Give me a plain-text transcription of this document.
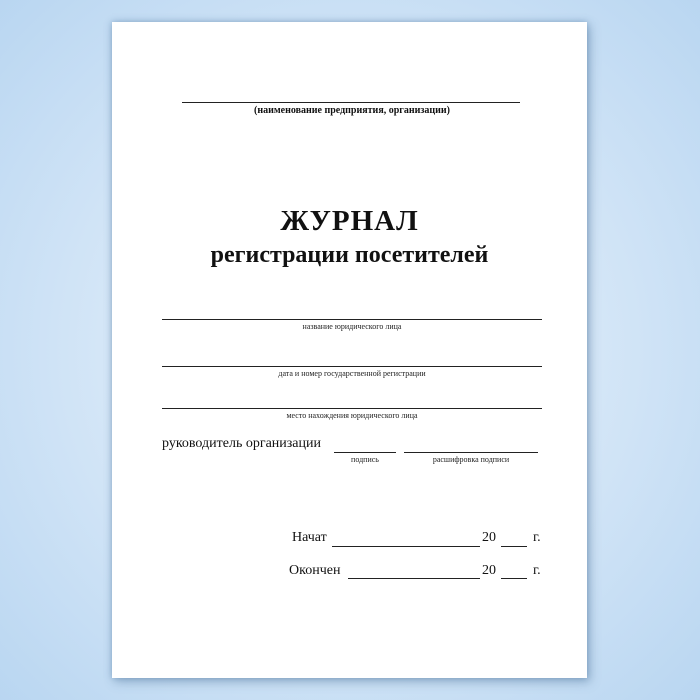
(наименование предприятия, организации)
ЖУРНАЛ
регистрации посетителей
название юридического лица
дата и номер государственной регистрации
место нахождения юридического лица
руководитель организации
подпись	расшифровка подписи
Начат	20	г.
Окончен	20	г.
